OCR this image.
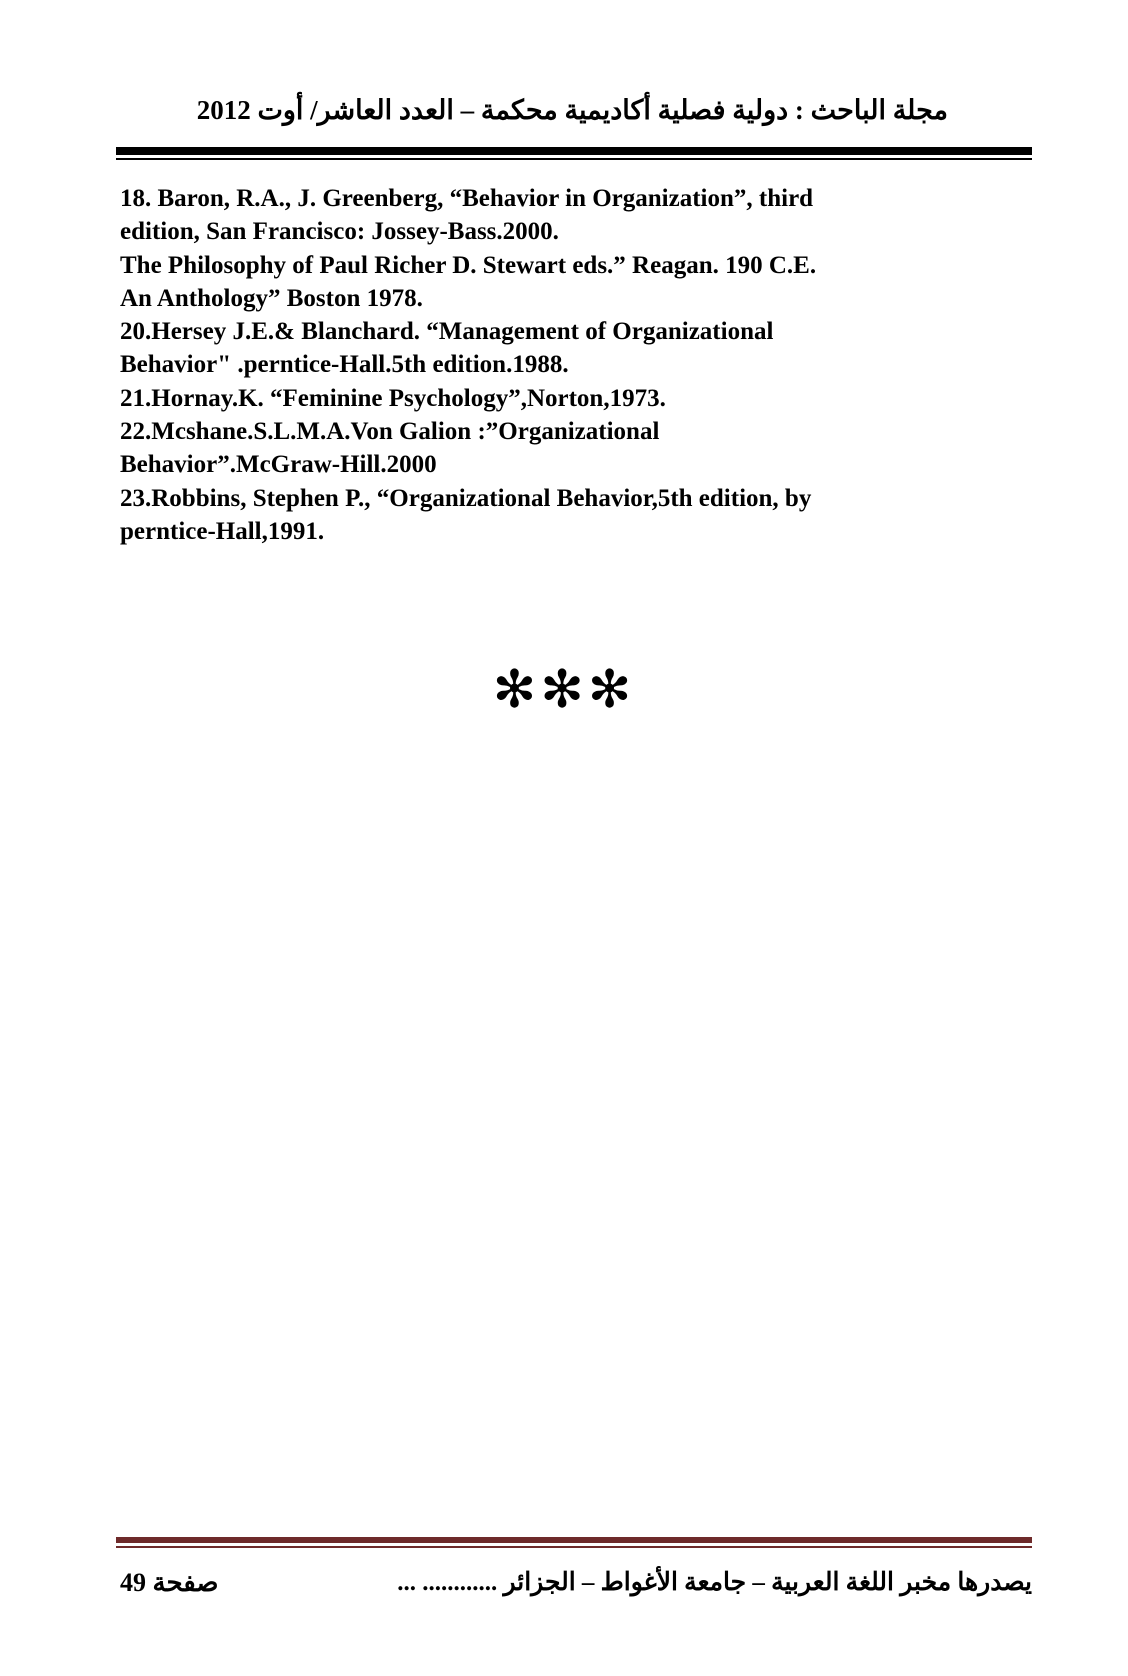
مجلة الباحث : دولية فصلية أكاديمية محكمة – العدد العاشر/ أوت 2012
18. Baron, R.A., J. Greenberg, “Behavior in Organization”, third
edition, San Francisco: Jossey-Bass.2000.
The Philosophy of Paul Richer D. Stewart eds.” Reagan. 190 C.E.
An Anthology” Boston 1978.
20.Hersey J.E.& Blanchard. “Management of Organizational
Behavior" .perntice-Hall.5th edition.1988.
21.Hornay.K. “Feminine Psychology”,Norton,1973.
22.Mcshane.S.L.M.A.Von Galion :”Organizational
Behavior”.McGraw-Hill.2000
23.Robbins, Stephen P., “Organizational Behavior,5th edition, by
perntice-Hall,1991.
✻✻✻
صفحة 49	يصدرها مخبر اللغة العربية – جامعة الأغواط – الجزائر ............ ...
